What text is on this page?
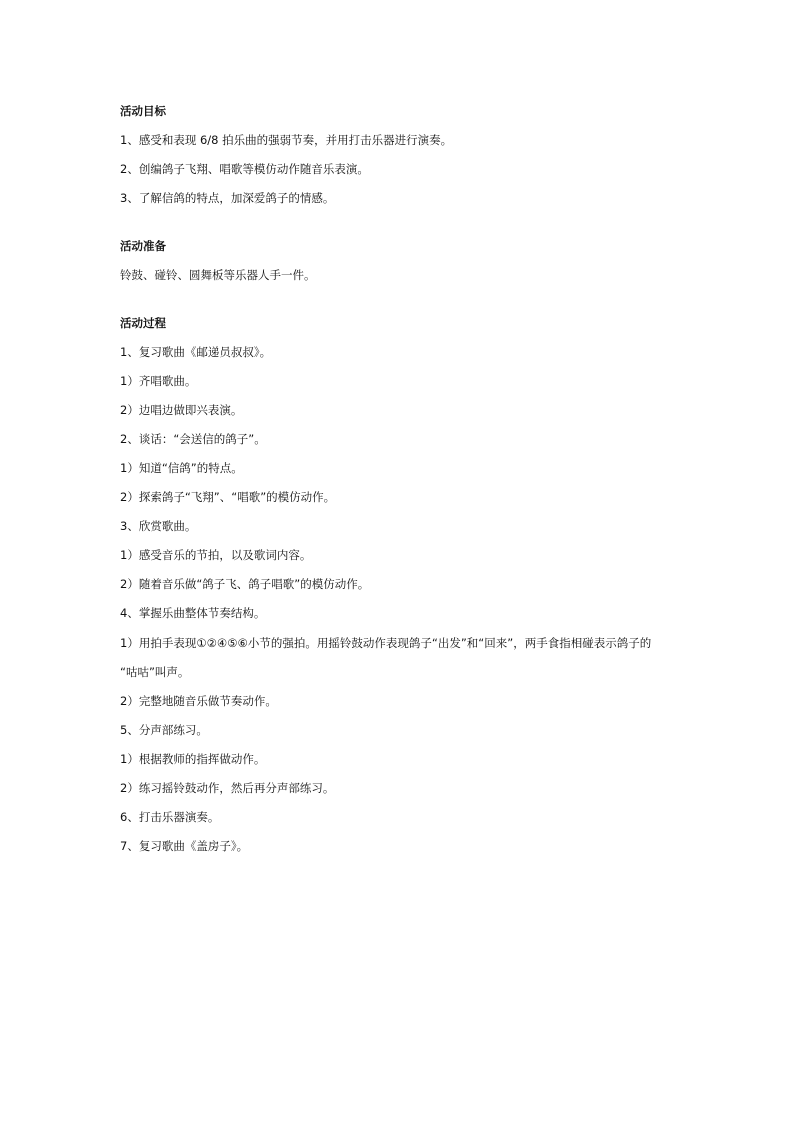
活动目标
1、感受和表现 6/8 拍乐曲的强弱节奏，并用打击乐器进行演奏。
2、创编鸽子飞翔、唱歌等模仿动作随音乐表演。
3、了解信鸽的特点，加深爱鸽子的情感。
活动准备
铃鼓、碰铃、圆舞板等乐器人手一件。
活动过程
1、复习歌曲《邮递员叔叔》。
1）齐唱歌曲。
2）边唱边做即兴表演。
2、谈话：“会送信的鸽子”。
1）知道“信鸽”的特点。
2）探索鸽子“飞翔”、“唱歌”的模仿动作。
3、欣赏歌曲。
1）感受音乐的节拍，以及歌词内容。
2）随着音乐做“鸽子飞、鸽子唱歌”的模仿动作。
4、掌握乐曲整体节奏结构。
1）用拍手表现①②④⑤⑥小节的强拍。用摇铃鼓动作表现鸽子“出发”和“回来”，两手食指相碰表示鸽子的
“咕咕”叫声。
2）完整地随音乐做节奏动作。
5、分声部练习。
1）根据教师的指挥做动作。
2）练习摇铃鼓动作，然后再分声部练习。
6、打击乐器演奏。
7、复习歌曲《盖房子》。
